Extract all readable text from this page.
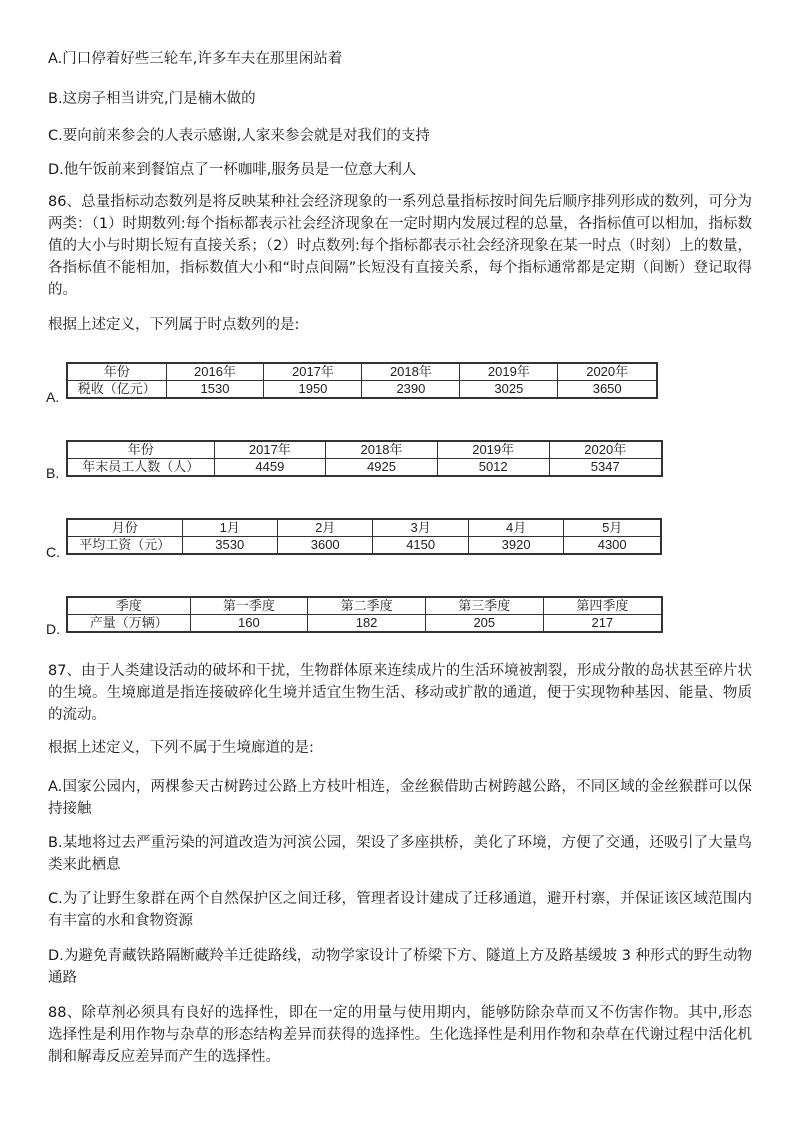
A.门口停着好些三轮车,许多车夫在那里闲站着

B.这房子相当讲究,门是楠木做的

C.要向前来参会的人表示感谢,人家来参会就是对我们的支持

D.他午饭前来到餐馆点了一杯咖啡,服务员是一位意大利人

86、总量指标动态数列是将反映某种社会经济现象的一系列总量指标按时间先后顺序排列形成的数列，可分为两类：（1）时期数列:每个指标都表示社会经济现象在一定时期内发展过程的总量，各指标值可以相加，指标数值的大小与时期长短有直接关系；（2）时点数列:每个指标都表示社会经济现象在某一时点（时刻）上的数量，各指标值不能相加，指标数值大小和“时点间隔”长短没有直接关系，每个指标通常都是定期（间断）登记取得的。

根据上述定义，下列属于时点数列的是:

A.
年份	2016年	2017年	2018年	2019年	2020年
税收（亿元）	1530	1950	2390	3025	3650
B.
年份	2017年	2018年	2019年	2020年
年末员工人数（人）	4459	4925	5012	5347
C.
月份	1月	2月	3月	4月	5月
平均工资（元）	3530	3600	4150	3920	4300
D.
季度	第一季度	第二季度	第三季度	第四季度
产量（万辆）	160	182	205	217

87、由于人类建设活动的破坏和干扰，生物群体原来连续成片的生活环境被割裂，形成分散的岛状甚至碎片状的生境。生境廊道是指连接破碎化生境并适宜生物生活、移动或扩散的通道，便于实现物种基因、能量、物质的流动。

根据上述定义，下列不属于生境廊道的是:

A.国家公园内，两棵参天古树跨过公路上方枝叶相连，金丝猴借助古树跨越公路，不同区域的金丝猴群可以保持接触

B.某地将过去严重污染的河道改造为河滨公园，架设了多座拱桥，美化了环境，方便了交通，还吸引了大量鸟类来此栖息

C.为了让野生象群在两个自然保护区之间迁移，管理者设计建成了迁移通道，避开村寨，并保证该区域范围内有丰富的水和食物资源

D.为避免青藏铁路隔断藏羚羊迁徙路线，动物学家设计了桥梁下方、隧道上方及路基缓坡 3 种形式的野生动物通路

88、除草剂必须具有良好的选择性，即在一定的用量与使用期内，能够防除杂草而又不伤害作物。其中,形态选择性是利用作物与杂草的形态结构差异而获得的选择性。生化选择性是利用作物和杂草在代谢过程中活化机制和解毒反应差异而产生的选择性。
